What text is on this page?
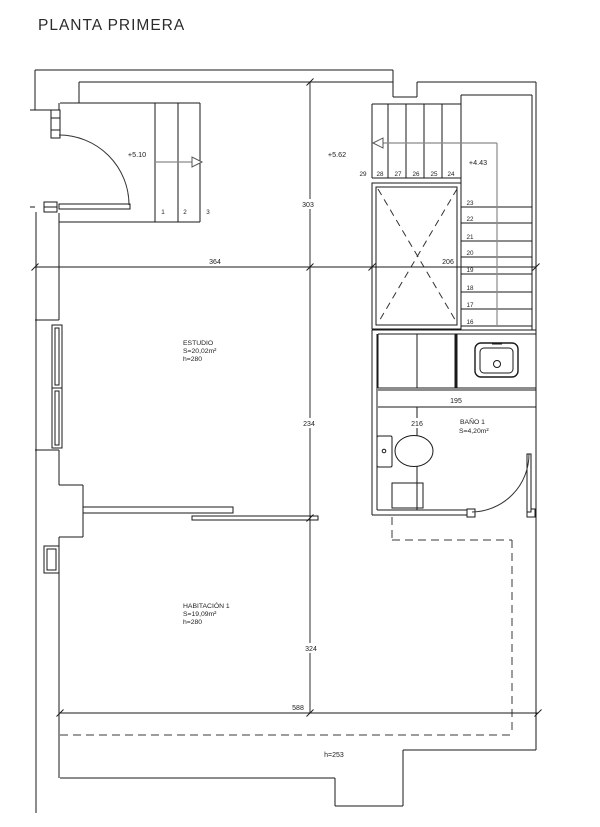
PLANTA PRIMERA
+5.10	+5.62
+4.43
303
364	206
234
195
216
324
588
h=253
ESTUDIO
S=20,02m²
h=280
BAÑO 1
S=4,20m²
HABITACIÓN 1
S=19,09m²
h=280
1	2	3
29 28 27 26 25 24
23
22
21
20
19
18
17
16
